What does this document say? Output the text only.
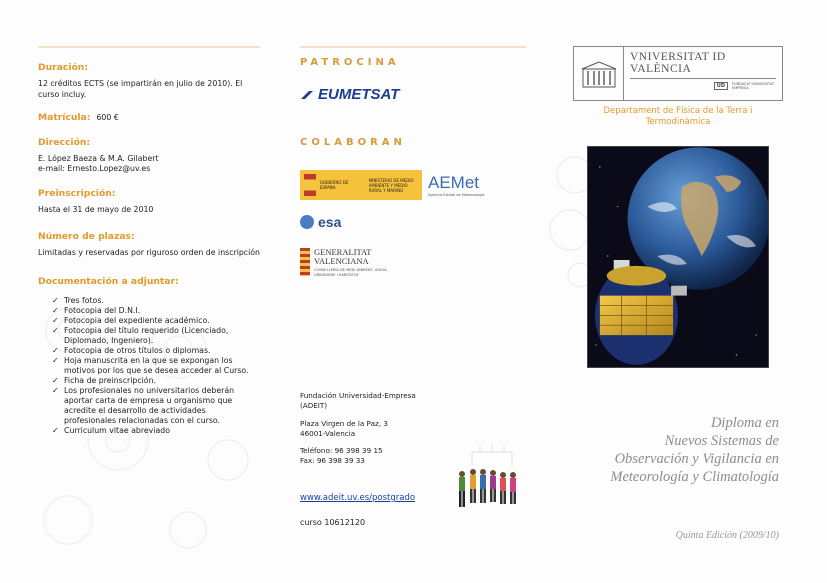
Duración:
12 créditos ECTS (se impartirán en julio de 2010). El curso incluy.
Matrícula: 600 €
Dirección:
E. López Baeza & M.A. Gilabert
e-mail: Ernesto.Lopez@uv.es
Preinscripción:
Hasta el 31 de mayo de 2010
Número de plazas:
Limitadas y reservadas por riguroso orden de inscripción
Documentación a adjuntar:
✓ Tres fotos.
✓ Fotocopia del D.N.I.
✓ Fotocopia del expediente académico.
✓ Fotocopia del título requerido (Licenciado, Diplomado, Ingeniero).
✓ Fotocopia de otros títulos o diplomas.
✓ Hoja manuscrita en la que se expongan los motivos por los que se desea acceder al Curso.
✓ Ficha de preinscripción.
✓ Los profesionales no universitarios deberán aportar carta de empresa u organismo que acredite el desarrollo de actividades profesionales relacionadas con el curso.
✓ Curriculum vitae abreviado
PATROCINA
EUMETSAT
COLABORAN
GOBIERNO DE ESPAÑA
MINISTERIO DE MEDIO AMBIENTE Y MEDIO RURAL Y MARINO	AEMet
Agencia Estatal de Meteorología
esa
GENERALITAT
VALENCIANA
CONSELLERIA DE MEDI AMBIENT, AIGUA, URBANISME I HABITATGE
Fundación Universidad-Empresa
(ADEIT)
Plaza Virgen de la Paz, 3
46001-Valencia
Teléfono: 96 398 39 15
Fax: 96 398 39 33
www.adeit.uv.es/postgrado
curso 10612120
VNIVERSITAT ID VALÈNCIA
UD	FUNDACIÓ UNIVERSITAT EMPRESA
Departament de Física de la Terra i
Termodinàmica
Diploma en
Nuevos Sistemas de
Observación y Vigilancia en
Meteorología y Climatología
Quinta Edición (2009/10)
